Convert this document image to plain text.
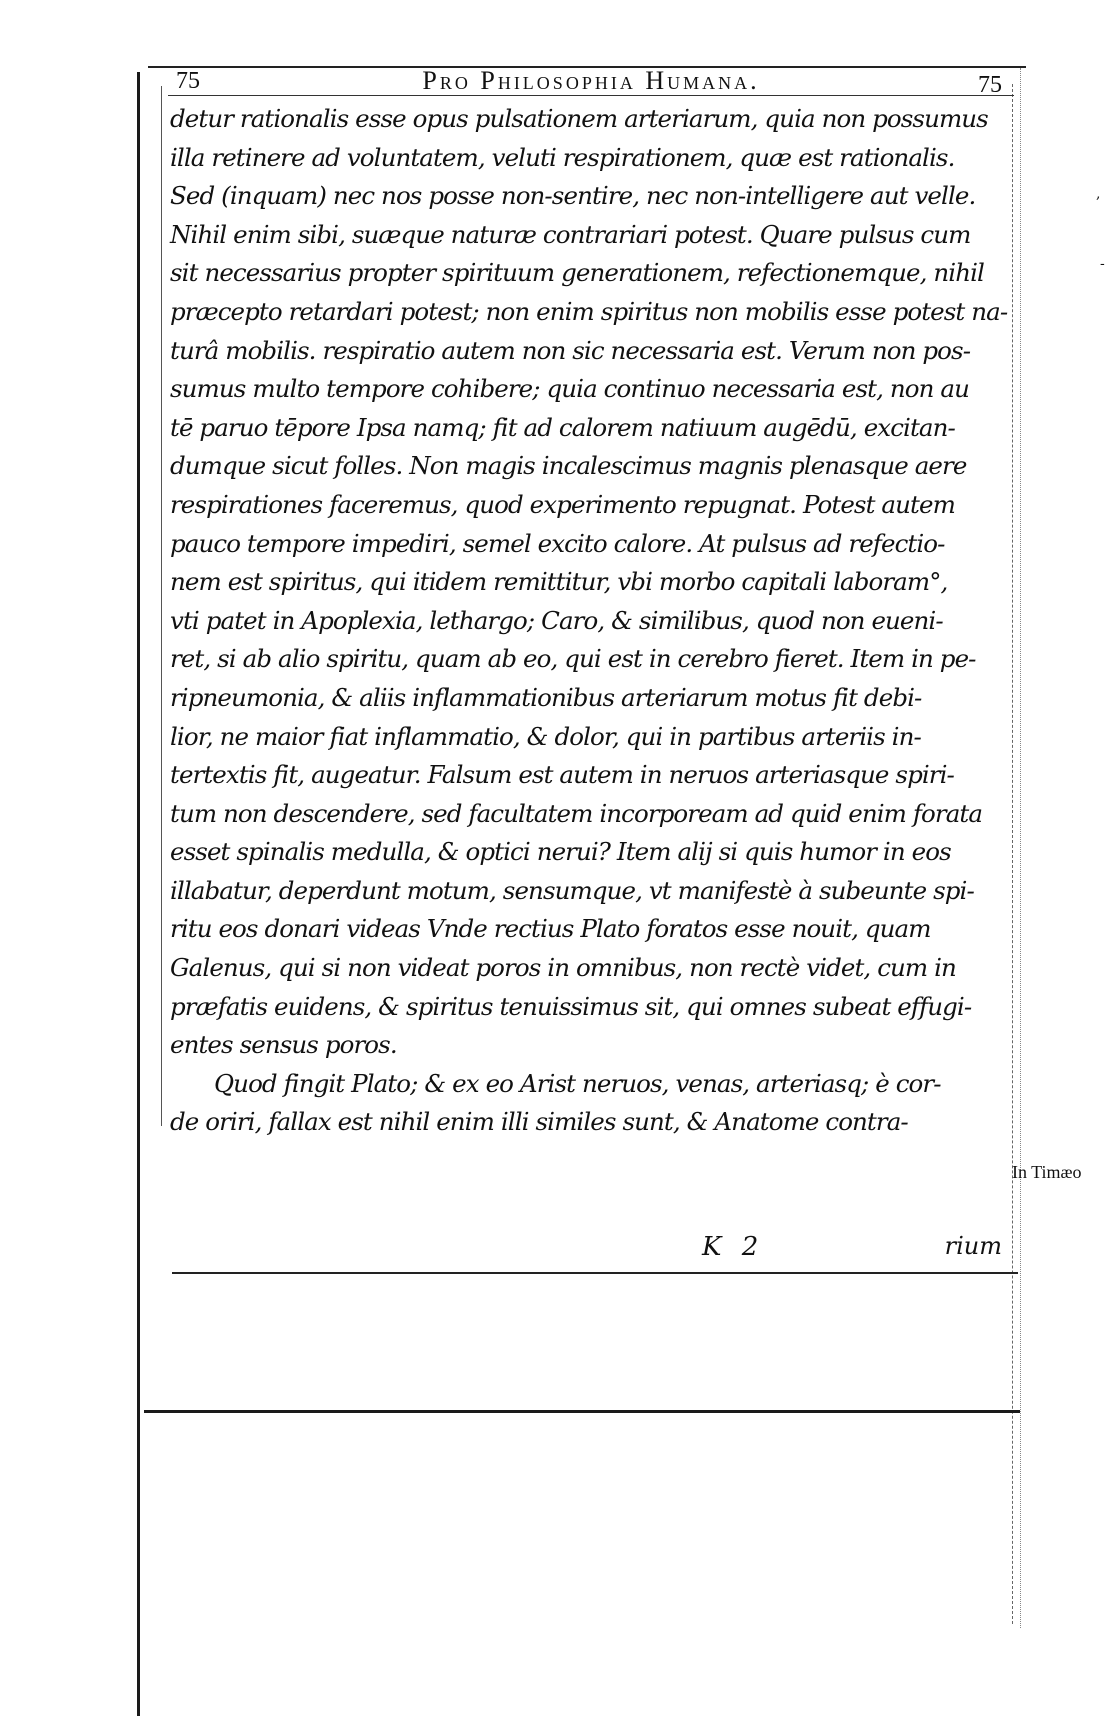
75	Pro Philosophia Humana.	75
detur rationalis esse opus pulsationem arteriarum, quia non possumus
illa retinere ad voluntatem, veluti respirationem, quæ est rationalis.
Sed (inquam) nec nos posse non-sentire, nec non-intelligere aut velle.
Nihil enim sibi, suæque naturæ contrariari potest. Quare pulsus cum
sit necessarius propter spirituum generationem, refectionemque, nihil
præcepto retardari potest; non enim spiritus non mobilis esse potest na-
turâ mobilis. respiratio autem non sic necessaria est. Verum non pos-
sumus multo tempore cohibere; quia continuo necessaria est, non au
tē paruo tēpore Ipsa namq; fit ad calorem natiuum augēdū, excitan-
dumque sicut folles. Non magis incalescimus magnis plenasque aere
respirationes faceremus, quod experimento repugnat. Potest autem
pauco tempore impediri, semel excito calore. At pulsus ad refectio-
nem est spiritus, qui itidem remittitur, vbi morbo capitali laboram°,
vti patet in Apoplexia, lethargo; Caro, & similibus, quod non eueni-
ret, si ab alio spiritu, quam ab eo, qui est in cerebro fieret. Item in pe-
ripneumonia, & aliis inflammationibus arteriarum motus fit debi-
lior, ne maior fiat inflammatio, & dolor, qui in partibus arteriis in-
tertextis fit, augeatur. Falsum est autem in neruos arteriasque spiri-
tum non descendere, sed facultatem incorpoream ad quid enim forata
esset spinalis medulla, & optici nerui? Item alij si quis humor in eos
illabatur, deperdunt motum, sensumque, vt manifestè à subeunte spi-
ritu eos donari videas Vnde rectius Plato foratos esse nouit, quam
Galenus, qui si non videat poros in omnibus, non rectè videt, cum in
præfatis euidens, & spiritus tenuissimus sit, qui omnes subeat effugi-
entes sensus poros.
Quod fingit Plato; & ex eo Arist neruos, venas, arteriasq; è cor-
de oriri, fallax est nihil enim illi similes sunt, & Anatome contra-
In Timæo
K 2	rium
,
-
